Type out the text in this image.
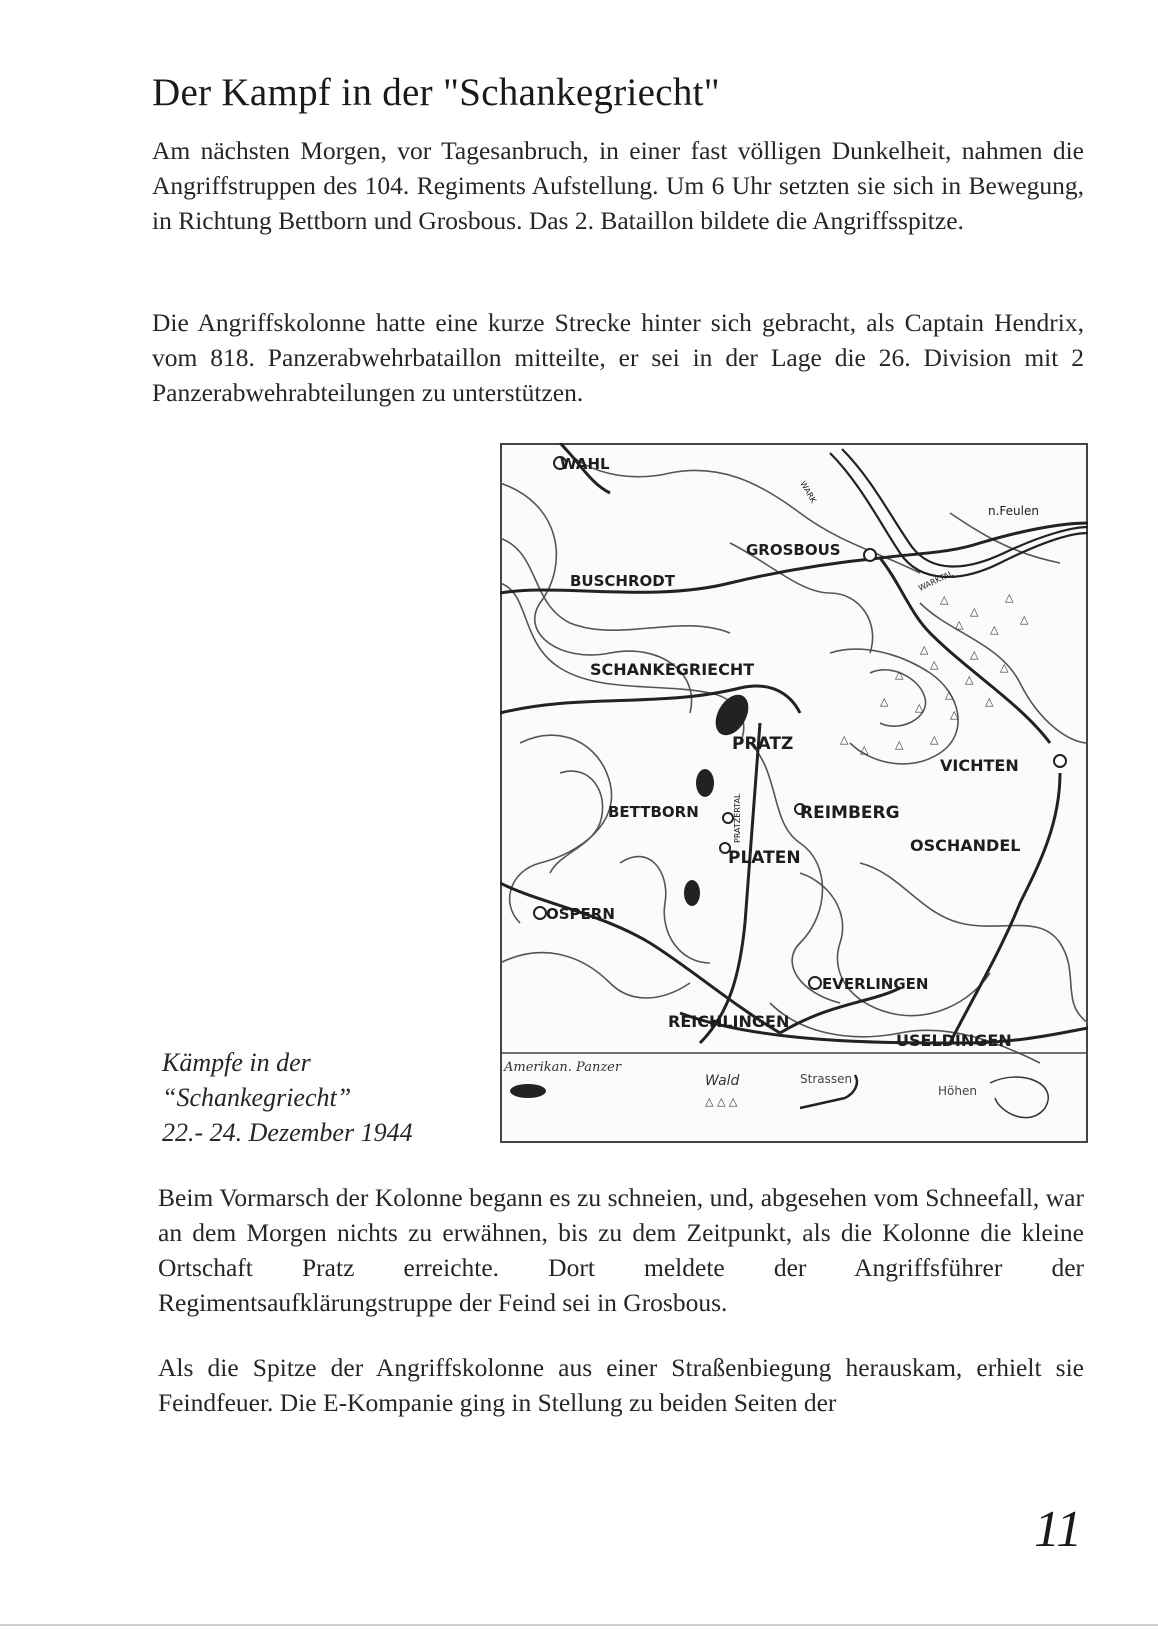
Der Kampf in der "Schankegriecht"

Am nächsten Morgen, vor Tagesanbruch, in einer fast völligen Dunkelheit, nahmen die Angriffstruppen des 104. Regiments Aufstellung. Um 6 Uhr setzten sie sich in Bewegung, in Richtung Bettborn und Grosbous. Das 2. Bataillon bildete die Angriffsspitze.

Die Angriffskolonne hatte eine kurze Strecke hinter sich gebracht, als Captain Hendrix, vom 818. Panzerabwehrbataillon mitteilte, er sei in der Lage die 26. Division mit 2 Panzerabwehrabteilungen zu unterstützen.

Kämpfe in der
“Schankegriecht”
22.- 24. Dezember 1944
△
△
△
△ △
△
△
△
△
△
△ △
△
△
△
△ △ △
△	△
△
WAHL
n.Feulen
GROSBOUS
BUSCHRODT
SCHANKEGRIECHT
PRATZ
VICHTEN
BETTBORN	REIMBERG
OSCHANDEL
PLATEN
OSPERN
EVERLINGEN
REICHLINGEN
USELDINGEN
WARK
WARKTAL
PRATZERTAL
Amerikan. Panzer
Wald
△ △ △
Strassen
Höhen

Beim Vormarsch der Kolonne begann es zu schneien, und, abgesehen vom Schneefall, war an dem Morgen nichts zu erwähnen, bis zu dem Zeitpunkt, als die Kolonne die kleine Ortschaft Pratz erreichte. Dort meldete der Angriffsführer der Regimentsaufklärungstruppe der Feind sei in Grosbous.

Als die Spitze der Angriffskolonne aus einer Straßenbiegung herauskam, erhielt sie Feindfeuer. Die E-Kompanie ging in Stellung zu beiden Seiten der

11
